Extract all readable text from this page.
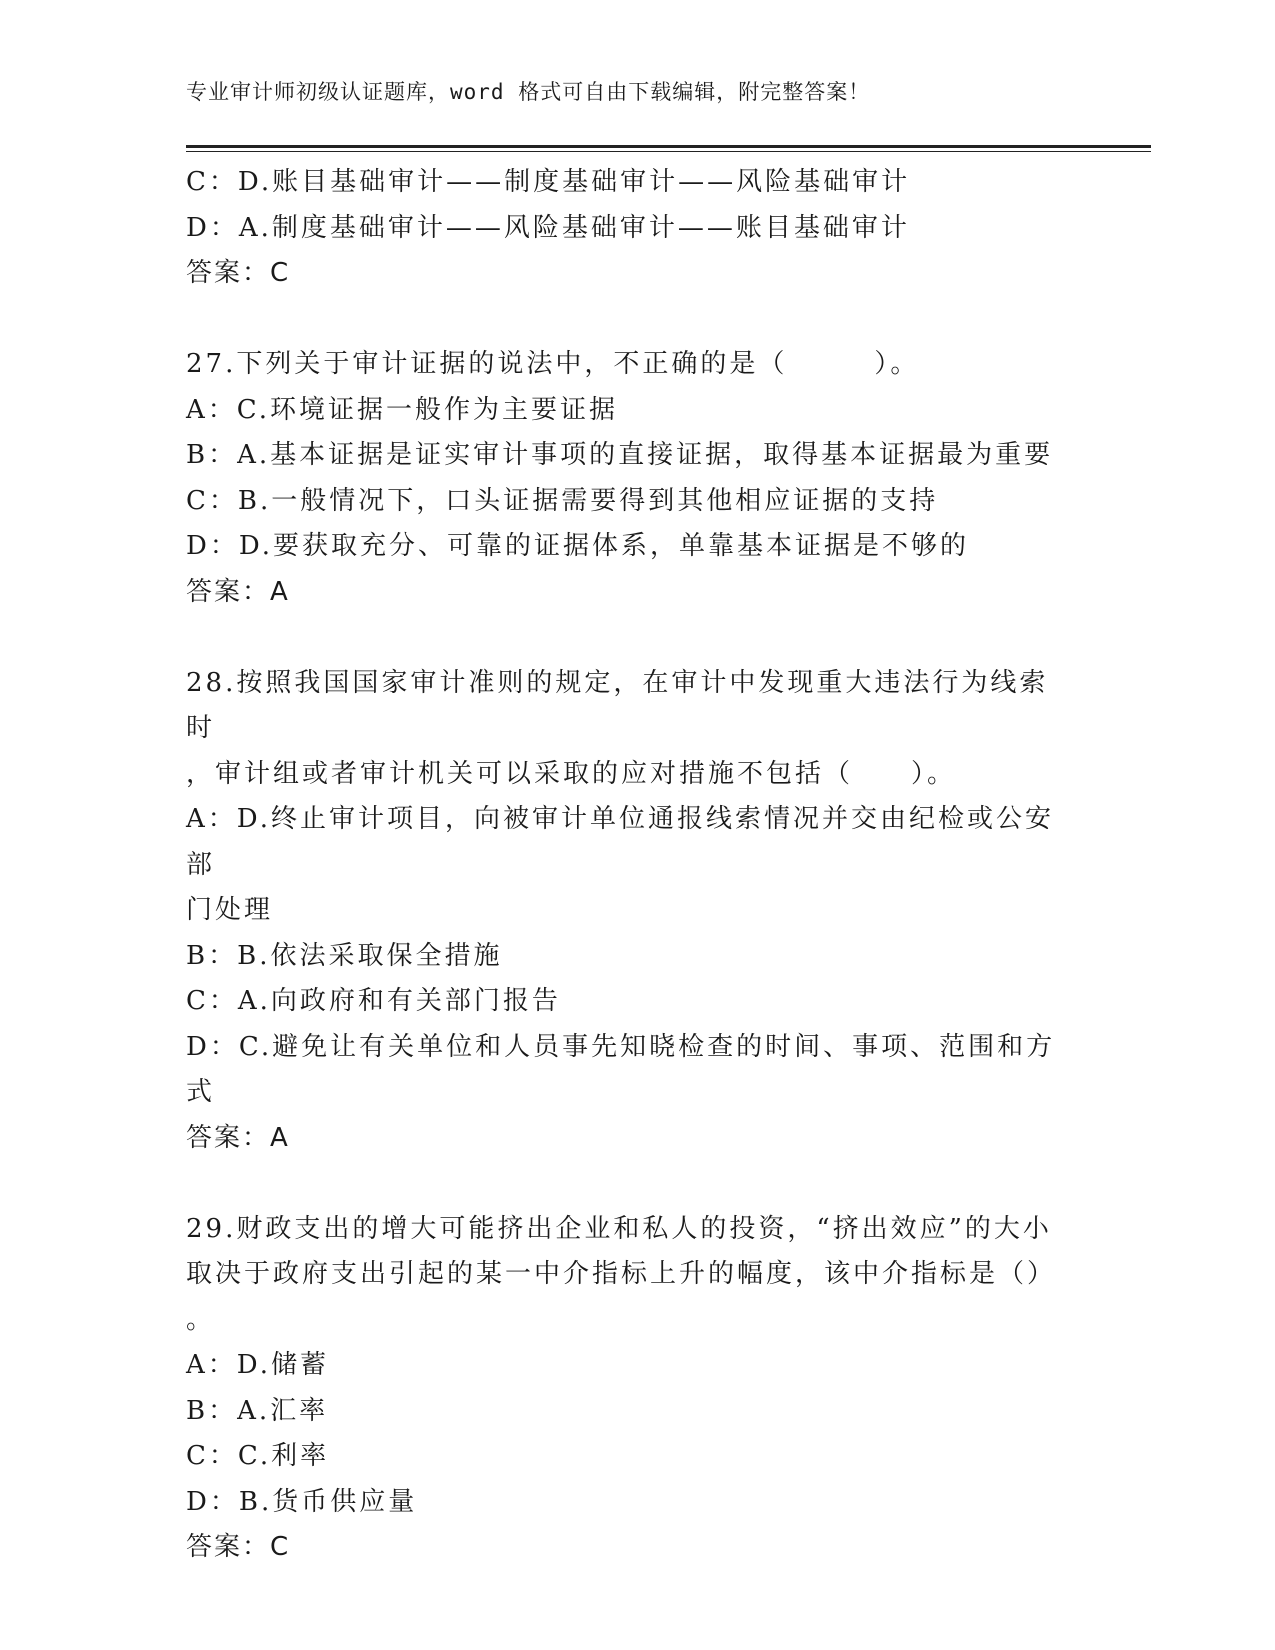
专业审计师初级认证题库，word 格式可自由下载编辑，附完整答案！
C：D.账目基础审计——制度基础审计——风险基础审计
D：A.制度基础审计——风险基础审计——账目基础审计
答案：C
27.下列关于审计证据的说法中，不正确的是（　　　）。
A：C.环境证据一般作为主要证据
B：A.基本证据是证实审计事项的直接证据，取得基本证据最为重要
C：B.一般情况下，口头证据需要得到其他相应证据的支持
D：D.要获取充分、可靠的证据体系，单靠基本证据是不够的
答案：A
28.按照我国国家审计准则的规定，在审计中发现重大违法行为线索时
，审计组或者审计机关可以采取的应对措施不包括（　　）。
A：D.终止审计项目，向被审计单位通报线索情况并交由纪检或公安部
门处理
B：B.依法采取保全措施
C：A.向政府和有关部门报告
D：C.避免让有关单位和人员事先知晓检查的时间、事项、范围和方式
答案：A
29.财政支出的增大可能挤出企业和私人的投资，“挤出效应”的大小
取决于政府支出引起的某一中介指标上升的幅度，该中介指标是（）
。
A：D.储蓄
B：A.汇率
C：C.利率
D：B.货币供应量
答案：C
